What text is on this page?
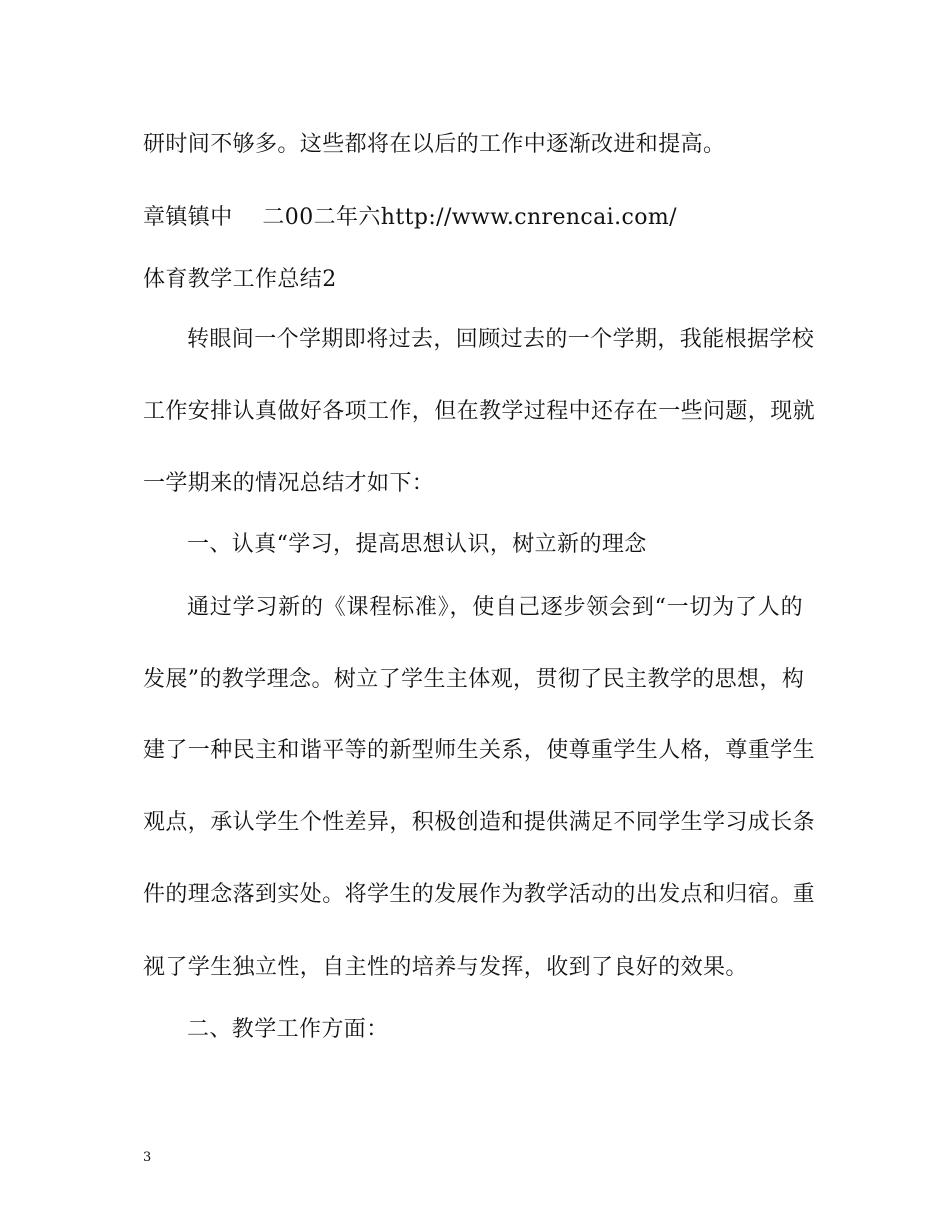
研时间不够多。这些都将在以后的工作中逐渐改进和提高。
章镇镇中　 二00二年六http://www.cnrencai.com/
体育教学工作总结2
转眼间一个学期即将过去，回顾过去的一个学期，我能根据学校
工作安排认真做好各项工作，但在教学过程中还存在一些问题，现就
一学期来的情况总结才如下：
一、认真“学习，提高思想认识，树立新的理念
通过学习新的《课程标准》，使自己逐步领会到“一切为了人的
发展”的教学理念。树立了学生主体观，贯彻了民主教学的思想，构
建了一种民主和谐平等的新型师生关系，使尊重学生人格，尊重学生
观点，承认学生个性差异，积极创造和提供满足不同学生学习成长条
件的理念落到实处。将学生的发展作为教学活动的出发点和归宿。重
视了学生独立性，自主性的培养与发挥，收到了良好的效果。
二、教学工作方面：
3
